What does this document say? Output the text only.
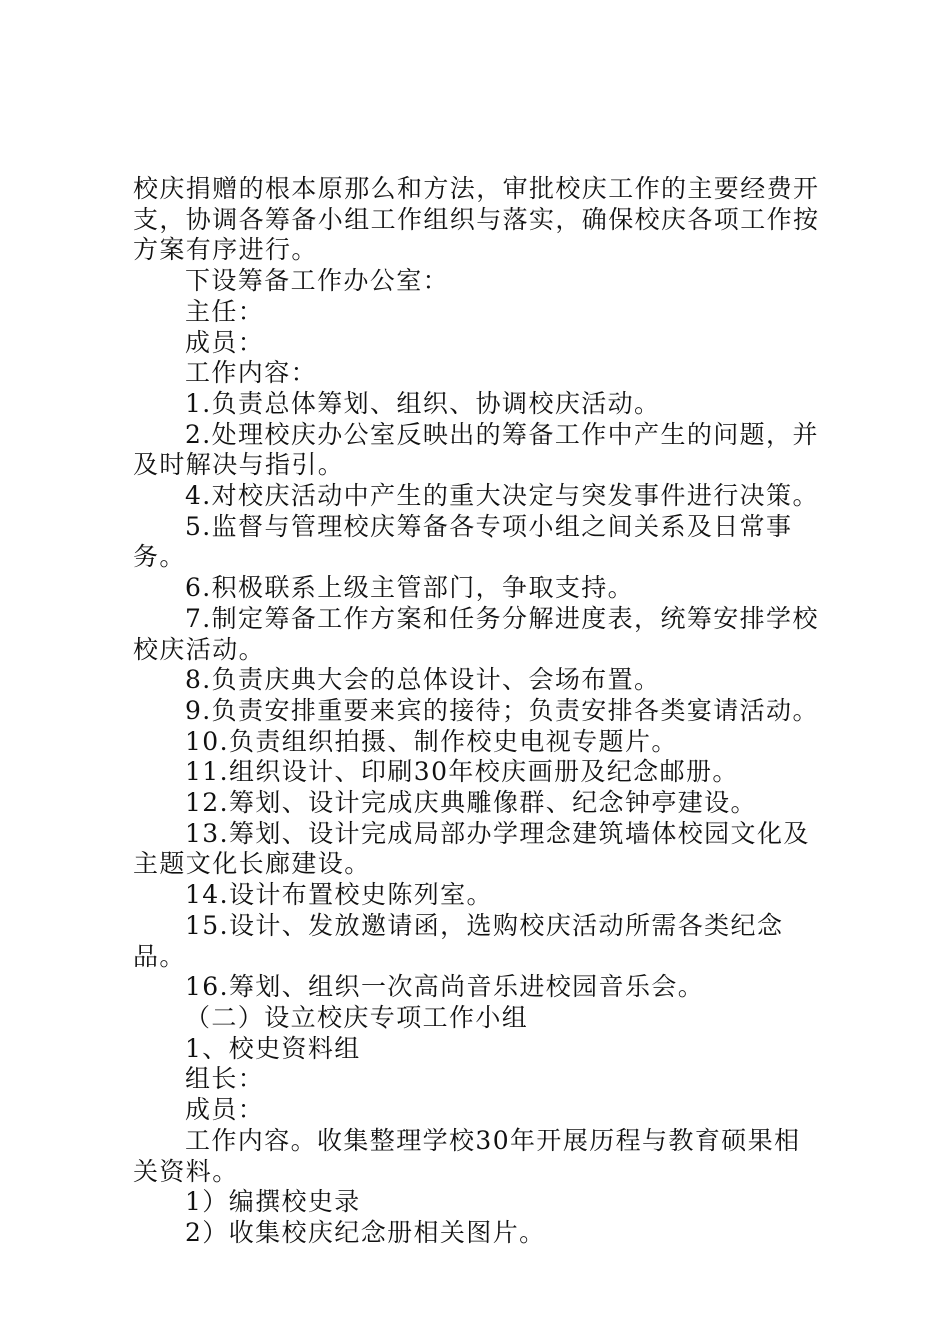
校庆捐赠的根本原那么和方法，审批校庆工作的主要经费开支，协调各筹备小组工作组织与落实，确保校庆各项工作按方案有序进行。

下设筹备工作办公室：

主任：

成员：

工作内容：

1.负责总体筹划、组织、协调校庆活动。

2.处理校庆办公室反映出的筹备工作中产生的问题，并及时解决与指引。

4.对校庆活动中产生的重大决定与突发事件进行决策。

5.监督与管理校庆筹备各专项小组之间关系及日常事务。

6.积极联系上级主管部门，争取支持。

7.制定筹备工作方案和任务分解进度表，统筹安排学校校庆活动。

8.负责庆典大会的总体设计、会场布置。

9.负责安排重要来宾的接待；负责安排各类宴请活动。

10.负责组织拍摄、制作校史电视专题片。

11.组织设计、印刷30年校庆画册及纪念邮册。

12.筹划、设计完成庆典雕像群、纪念钟亭建设。

13.筹划、设计完成局部办学理念建筑墙体校园文化及主题文化长廊建设。

14.设计布置校史陈列室。

15.设计、发放邀请函，选购校庆活动所需各类纪念品。

16.筹划、组织一次高尚音乐进校园音乐会。

（二）设立校庆专项工作小组

1、校史资料组

组长：

成员：

工作内容。收集整理学校30年开展历程与教育硕果相关资料。

1）编撰校史录

2）收集校庆纪念册相关图片。
